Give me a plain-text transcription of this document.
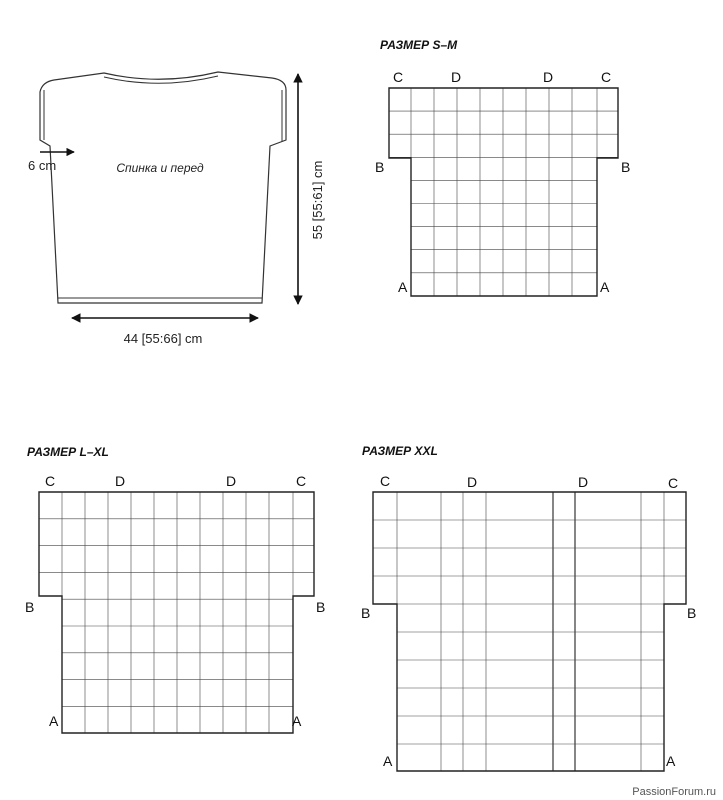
Спинка и перед
6 cm	55 [55:61] cm
44 [55:66] cm
РАЗМЕР S–M
C	D	D	C
B	B
A	A
РАЗМЕР L–XL
C	D	D	C
B	B
A	A
РАЗМЕР XXL
C	D	D	C
B	B
A	A
PassionForum.ru
